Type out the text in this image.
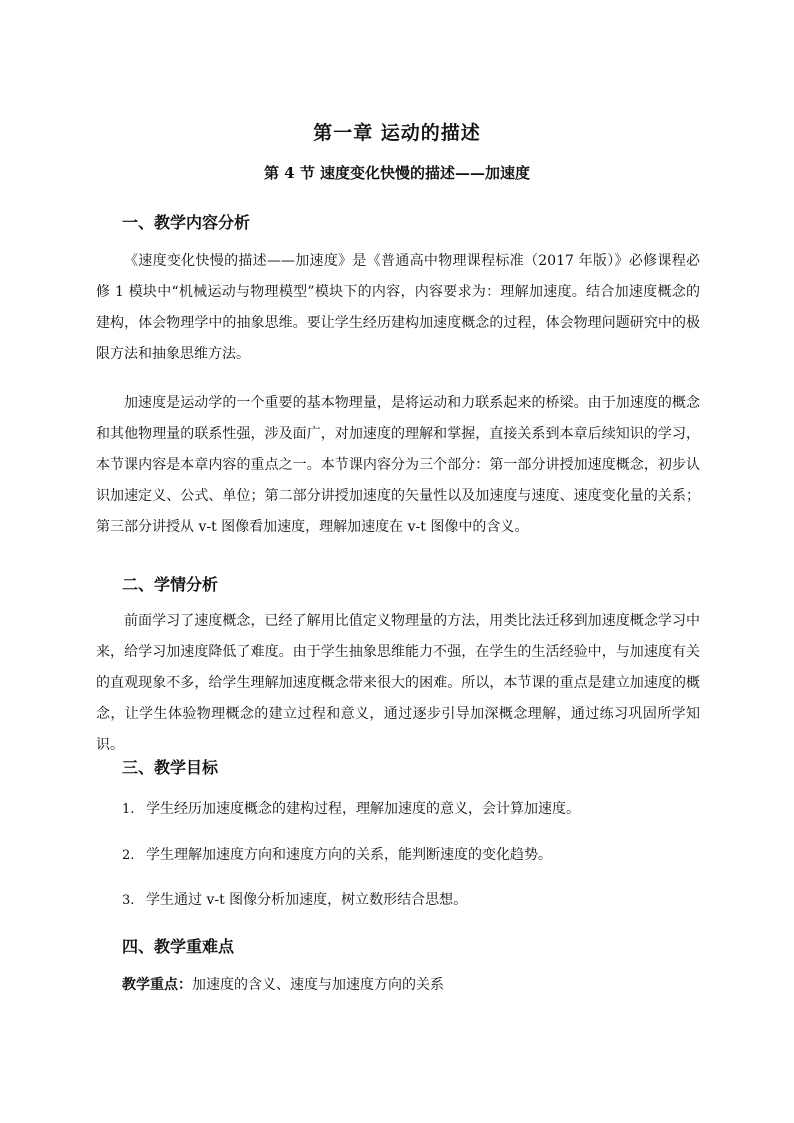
第一章 运动的描述
第 4 节 速度变化快慢的描述——加速度
一、教学内容分析
《速度变化快慢的描述——加速度》是《普通高中物理课程标准（2017 年版）》必修课程必修 1 模块中“机械运动与物理模型”模块下的内容，内容要求为：理解加速度。结合加速度概念的建构，体会物理学中的抽象思维。要让学生经历建构加速度概念的过程，体会物理问题研究中的极限方法和抽象思维方法。
加速度是运动学的一个重要的基本物理量，是将运动和力联系起来的桥梁。由于加速度的概念和其他物理量的联系性强，涉及面广，对加速度的理解和掌握，直接关系到本章后续知识的学习，本节课内容是本章内容的重点之一。本节课内容分为三个部分：第一部分讲授加速度概念，初步认识加速定义、公式、单位；第二部分讲授加速度的矢量性以及加速度与速度、速度变化量的关系；第三部分讲授从 v-t 图像看加速度，理解加速度在 v-t 图像中的含义。
二、学情分析
前面学习了速度概念，已经了解用比值定义物理量的方法，用类比法迁移到加速度概念学习中来，给学习加速度降低了难度。由于学生抽象思维能力不强，在学生的生活经验中，与加速度有关的直观现象不多，给学生理解加速度概念带来很大的困难。所以，本节课的重点是建立加速度的概念，让学生体验物理概念的建立过程和意义，通过逐步引导加深概念理解，通过练习巩固所学知识。
三、教学目标
1. 学生经历加速度概念的建构过程，理解加速度的意义，会计算加速度。
2. 学生理解加速度方向和速度方向的关系，能判断速度的变化趋势。
3. 学生通过 v-t 图像分析加速度，树立数形结合思想。
四、教学重难点
教学重点：加速度的含义、速度与加速度方向的关系
